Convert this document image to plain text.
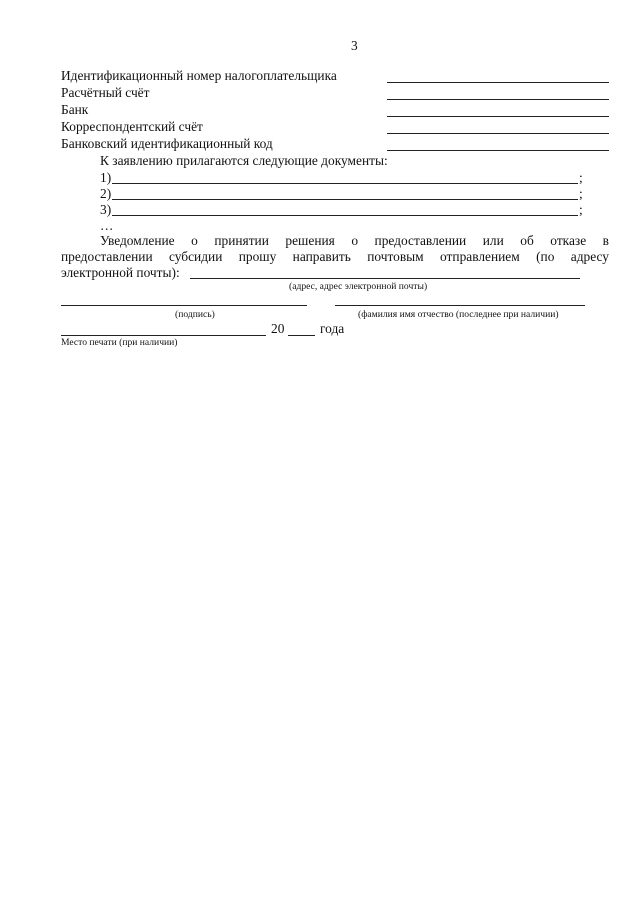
3
Идентификационный номер налогоплательщика
Расчётный счёт
Банк
Корреспондентский счёт
Банковский идентификационный код
К заявлению прилагаются следующие документы:
1)	;
2)	;
3)	;
…
Уведомление о принятии решения о предоставлении или об отказе в
предоставлении субсидии прошу направить почтовым отправлением (по адресу
электронной почты):
(адрес, адрес электронной почты)
(подпись)	(фамилия имя отчество (последнее при наличии)
20	года
Место печати (при наличии)
